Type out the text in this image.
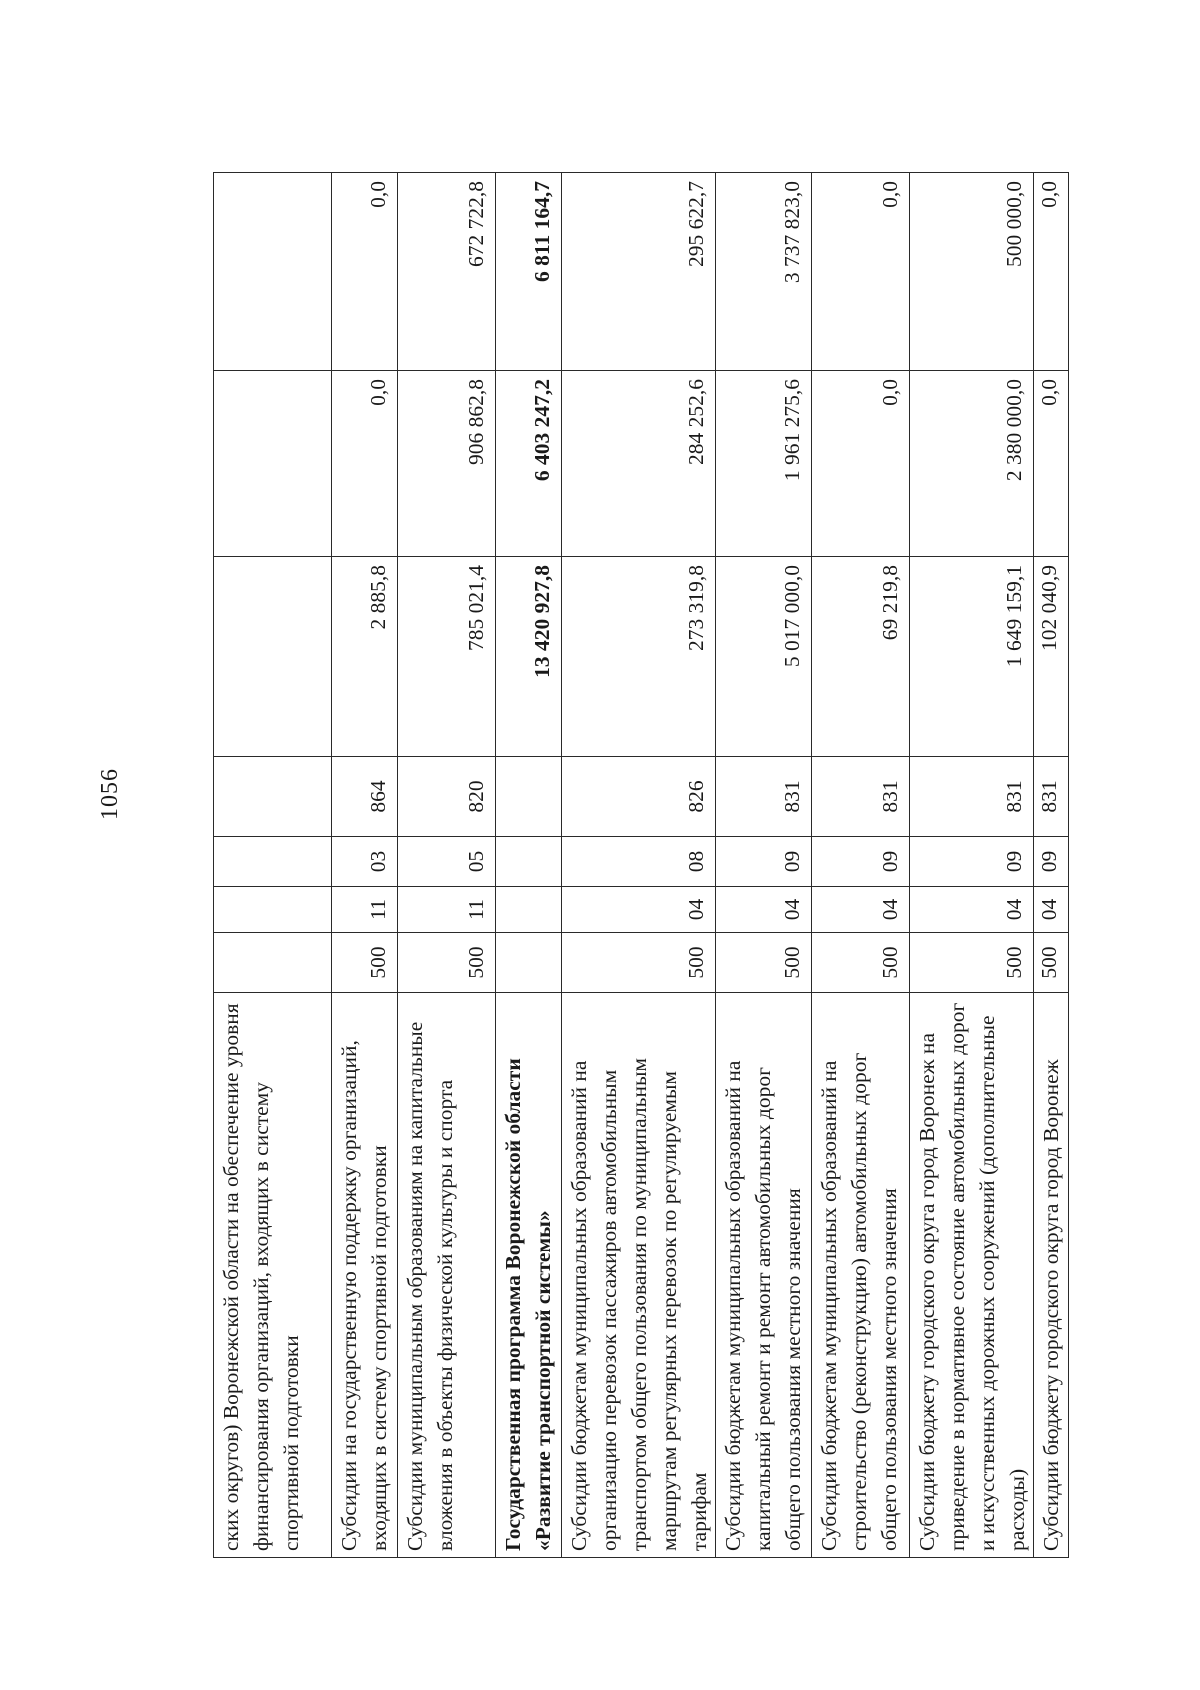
1056
ских округов) Воронежской области на обеспечение уровня финансирования организаций, входящих в систему спортивной подготовки							
Субсидии на государственную поддержку организаций, входящих в систему спортивной подготовки	500	11	03	864	2 885,8	0,0	0,0
Субсидии муниципальным образованиям на капитальные вложения в объекты физической культуры и спорта	500	11	05	820	785 021,4	906 862,8	672 722,8
Государственная программа Воронежской области «Развитие транспортной системы»					13 420 927,8	6 403 247,2	6 811 164,7
Субсидии бюджетам муниципальных образований на организацию перевозок пассажиров автомобильным транспортом общего пользования по муниципальным маршрутам регулярных перевозок по регулируемым тарифам	500	04	08	826	273 319,8	284 252,6	295 622,7
Субсидии бюджетам муниципальных образований на капитальный ремонт и ремонт автомобильных дорог общего пользования местного значения	500	04	09	831	5 017 000,0	1 961 275,6	3 737 823,0
Субсидии бюджетам муниципальных образований на строительство (реконструкцию) автомобильных дорог общего пользования местного значения	500	04	09	831	69 219,8	0,0	0,0
Субсидии бюджету городского округа город Воронеж на приведение в нормативное состояние автомобильных дорог и искусственных дорожных сооружений (дополнительные расходы)	500	04	09	831	1 649 159,1	2 380 000,0	500 000,0
Субсидии бюджету городского округа город Воронеж	500	04	09	831	102 040,9	0,0	0,0
